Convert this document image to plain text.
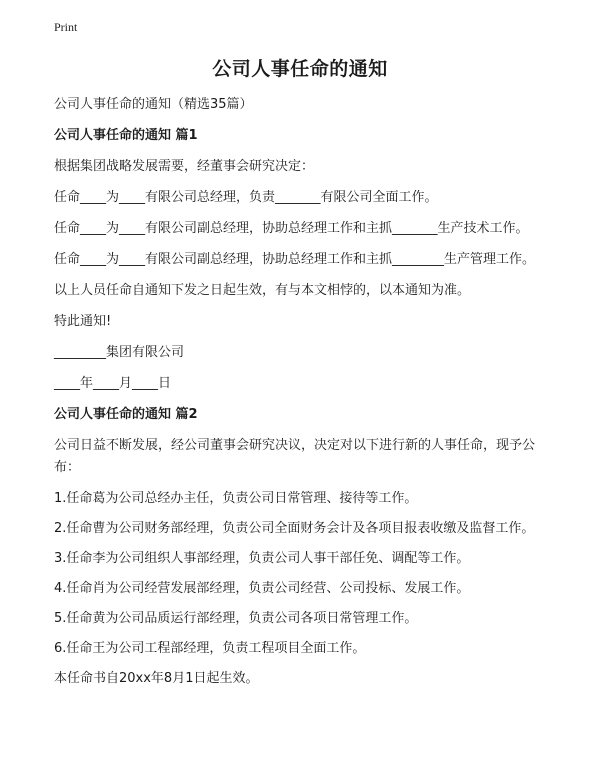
Print
公司人事任命的通知

公司人事任命的通知（精选35篇）

公司人事任命的通知 篇1

根据集团战略发展需要，经董事会研究决定：

任命____为____有限公司总经理，负责_______有限公司全面工作。

任命____为____有限公司副总经理，协助总经理工作和主抓_______生产技术工作。

任命____为____有限公司副总经理，协助总经理工作和主抓________生产管理工作。

以上人员任命自通知下发之日起生效，有与本文相悖的，以本通知为准。

特此通知!

________集团有限公司

____年____月____日

公司人事任命的通知 篇2

公司日益不断发展，经公司董事会研究决议，决定对以下进行新的人事任命，现予公布：

1.任命葛为公司总经办主任，负责公司日常管理、接待等工作。

2.任命曹为公司财务部经理，负责公司全面财务会计及各项目报表收缴及监督工作。

3.任命李为公司组织人事部经理，负责公司人事干部任免、调配等工作。

4.任命肖为公司经营发展部经理，负责公司经营、公司投标、发展工作。

5.任命黄为公司品质运行部经理，负责公司各项日常管理工作。

6.任命王为公司工程部经理，负责工程项目全面工作。

本任命书自20xx年8月1日起生效。
